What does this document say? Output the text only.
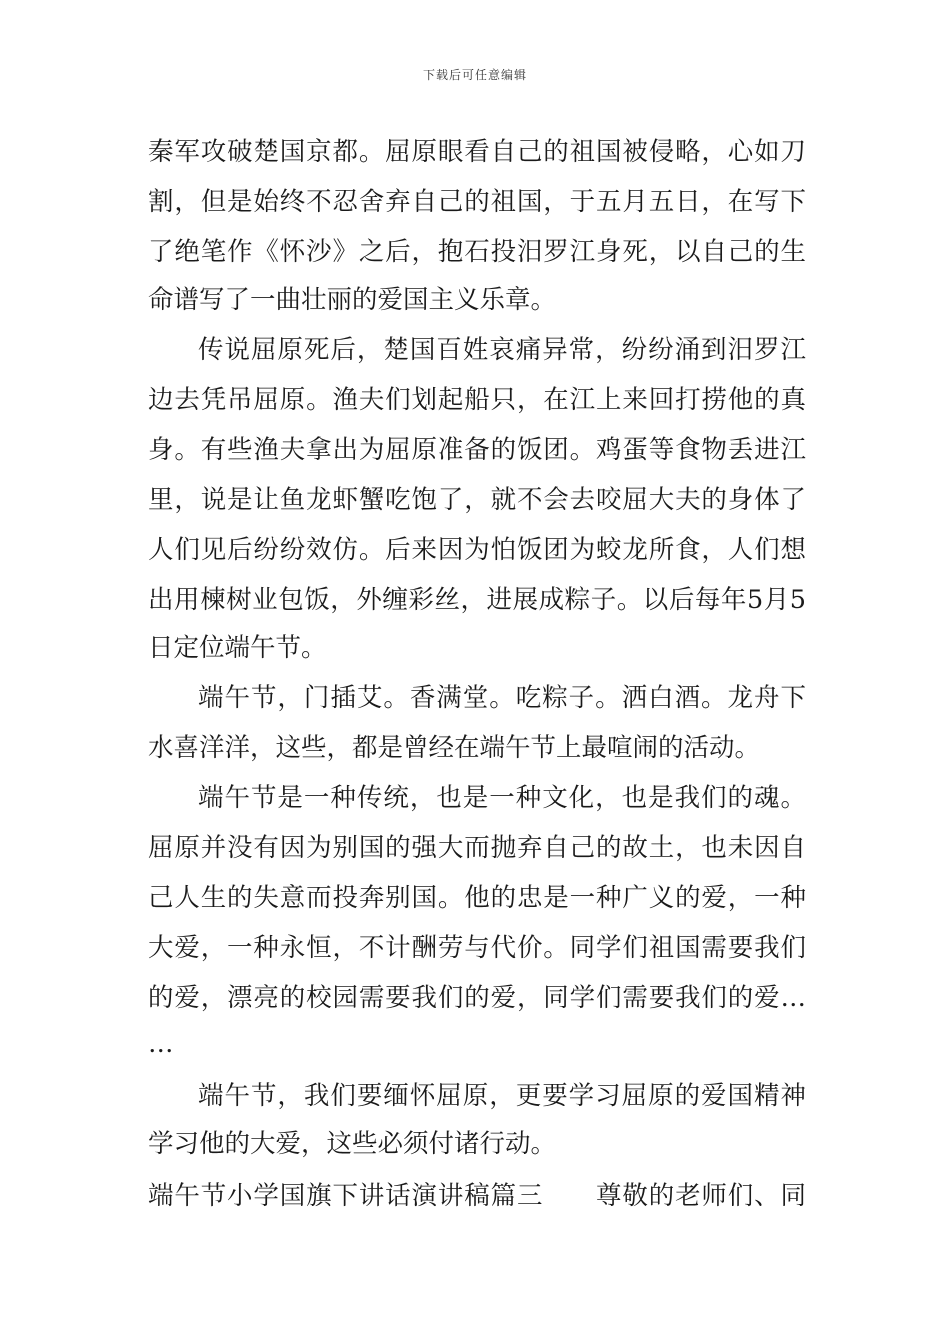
下载后可任意编辑
秦军攻破楚国京都。屈原眼看自己的祖国被侵略，心如刀
割，但是始终不忍舍弃自己的祖国，于五月五日，在写下
了绝笔作《怀沙》之后，抱石投汨罗江身死，以自己的生
命谱写了一曲壮丽的爱国主义乐章。
传说屈原死后，楚国百姓哀痛异常，纷纷涌到汨罗江
边去凭吊屈原。渔夫们划起船只，在江上来回打捞他的真
身。有些渔夫拿出为屈原准备的饭团。鸡蛋等食物丢进江
里，说是让鱼龙虾蟹吃饱了，就不会去咬屈大夫的身体了
人们见后纷纷效仿。后来因为怕饭团为蛟龙所食，人们想
出用楝树业包饭，外缠彩丝，进展成粽子。以后每年5月5
日定位端午节。
端午节，门插艾。香满堂。吃粽子。洒白酒。龙舟下
水喜洋洋，这些，都是曾经在端午节上最喧闹的活动。
端午节是一种传统，也是一种文化，也是我们的魂。
屈原并没有因为别国的强大而抛弃自己的故土，也未因自
己人生的失意而投奔别国。他的忠是一种广义的爱，一种
大爱，一种永恒，不计酬劳与代价。同学们祖国需要我们
的爱，漂亮的校园需要我们的爱，同学们需要我们的爱…
…
端午节，我们要缅怀屈原，更要学习屈原的爱国精神
学习他的大爱，这些必须付诸行动。
端午节小学国旗下讲话演讲稿篇三　　尊敬的老师们、同
